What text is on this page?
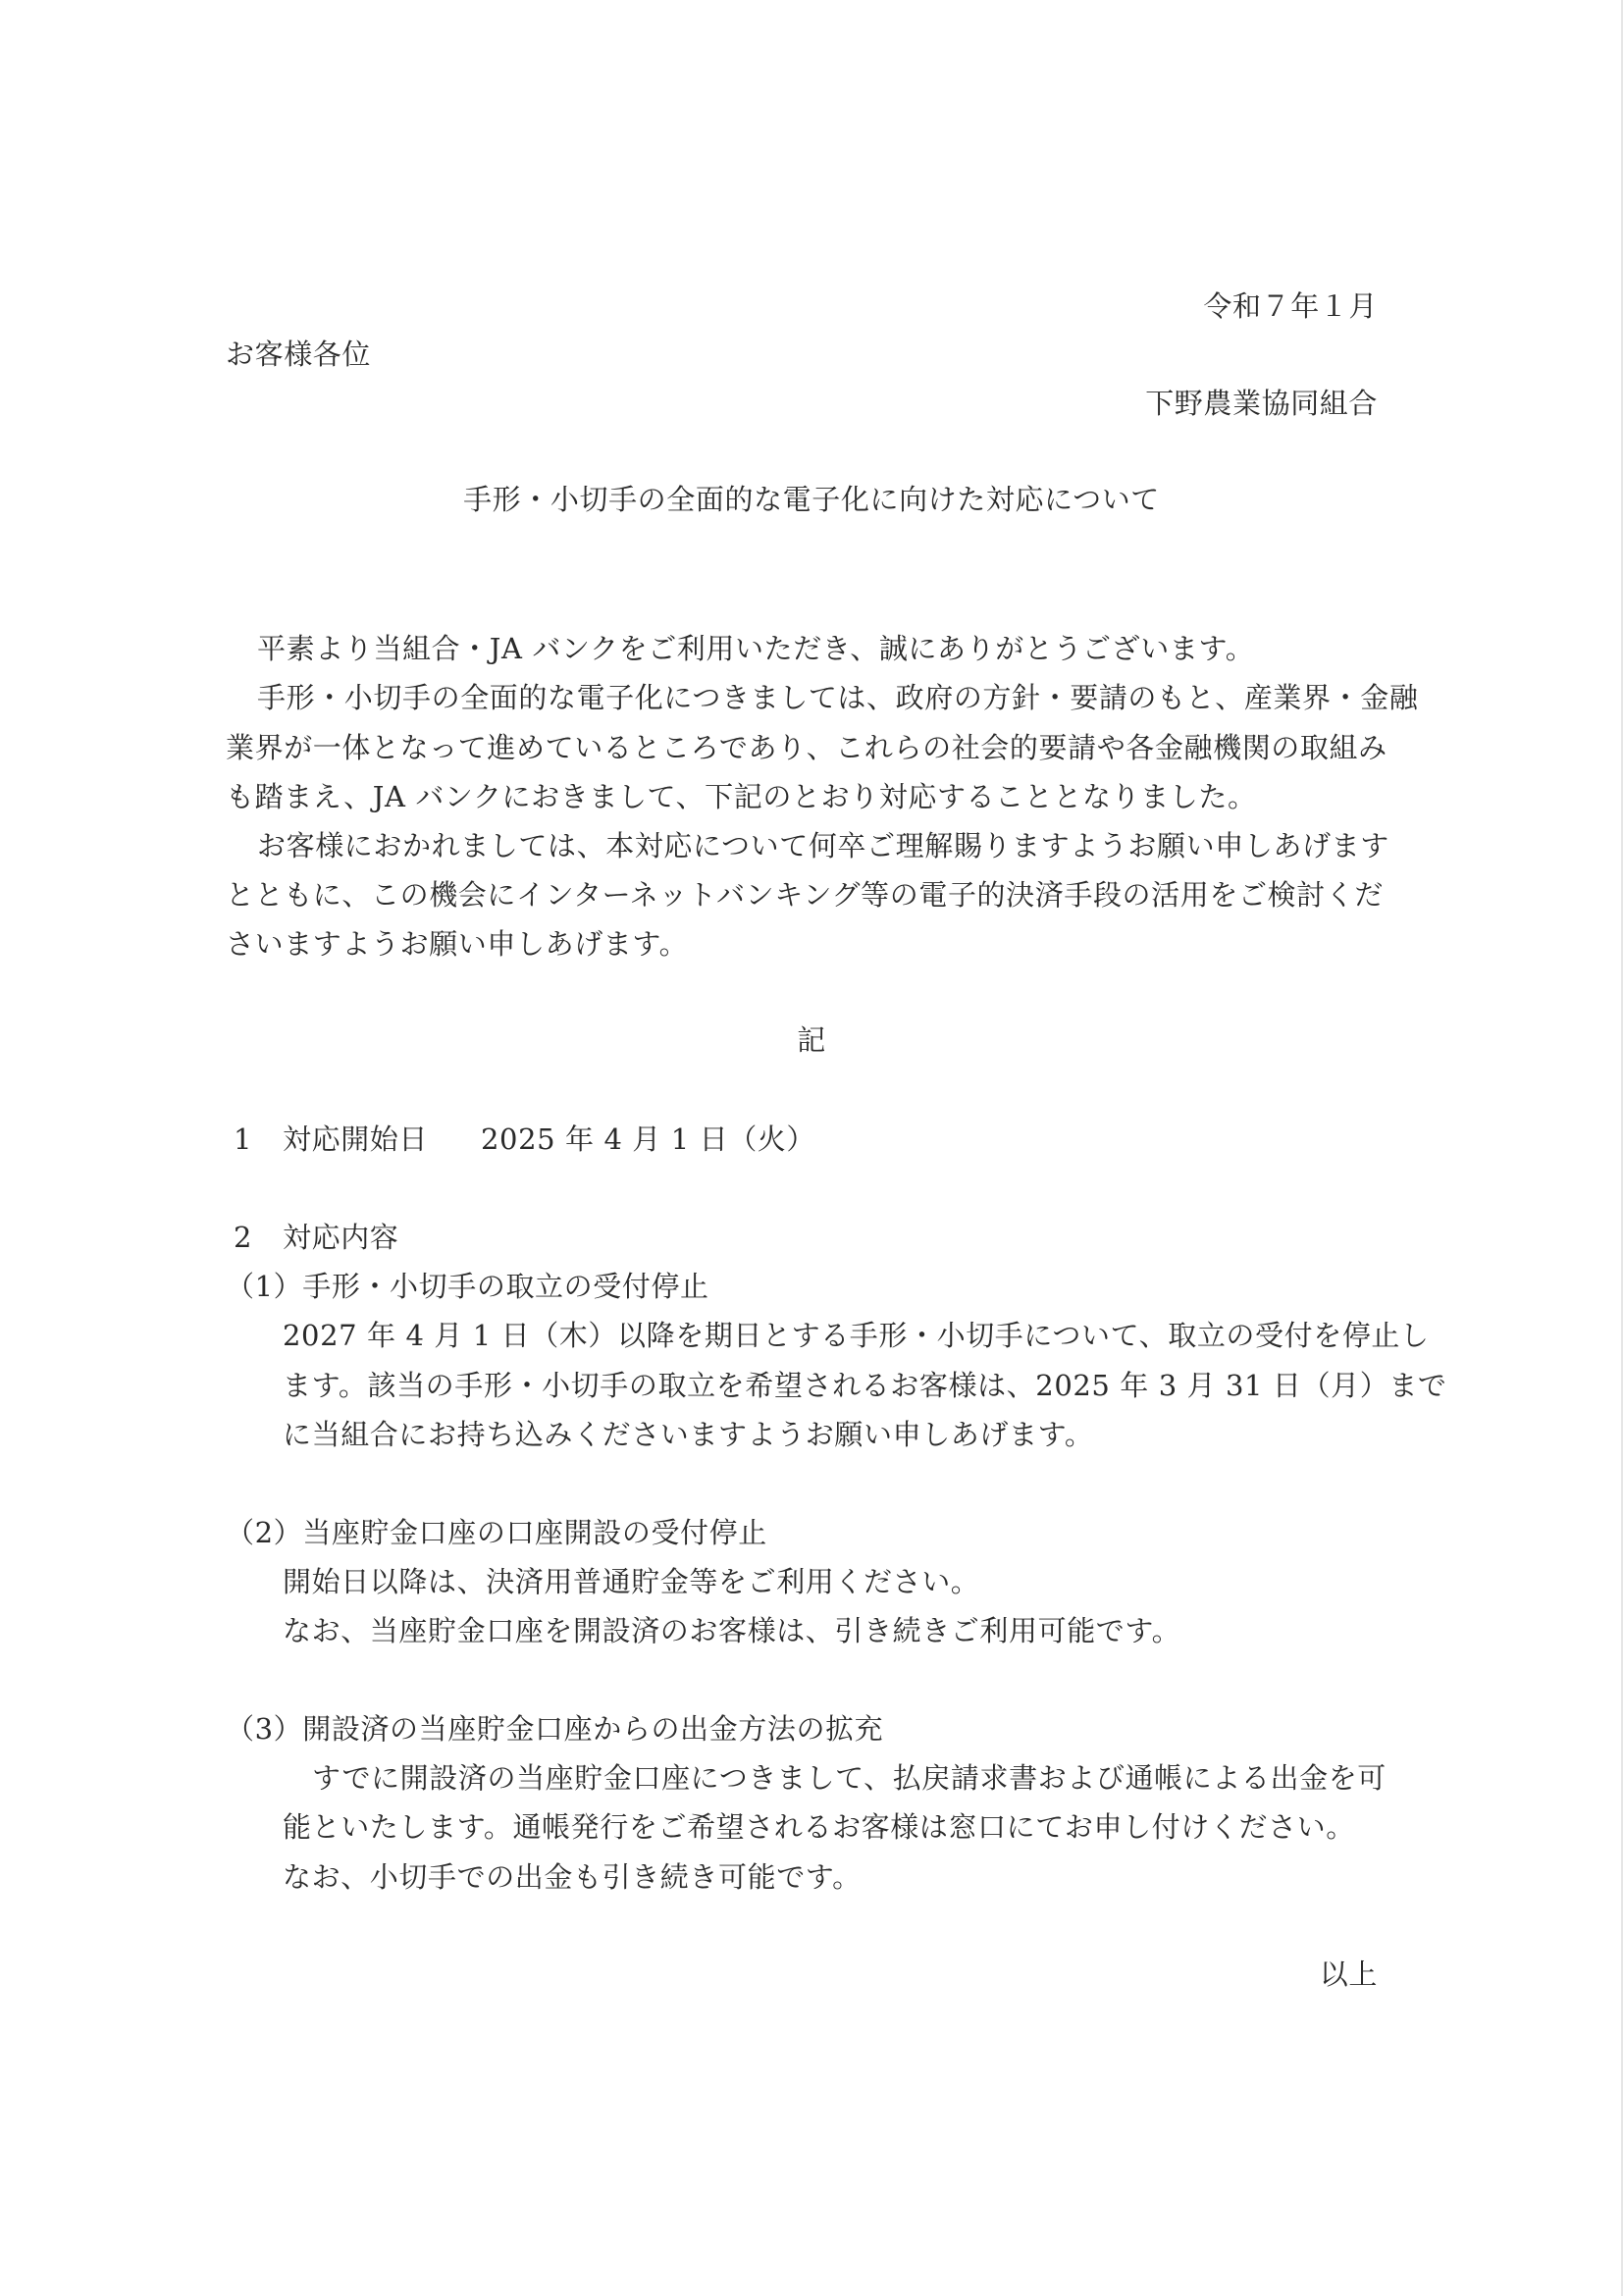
令和７年１月
お客様各位
下野農業協同組合
手形・小切手の全面的な電子化に向けた対応について
平素より当組合・JA バンクをご利用いただき、誠にありがとうございます。
手形・小切手の全面的な電子化につきましては、政府の方針・要請のもと、産業界・金融
業界が一体となって進めているところであり、これらの社会的要請や各金融機関の取組み
も踏まえ、JA バンクにおきまして、下記のとおり対応することとなりました。
お客様におかれましては、本対応について何卒ご理解賜りますようお願い申しあげます
とともに、この機会にインターネットバンキング等の電子的決済手段の活用をご検討くだ
さいますようお願い申しあげます。
記
1 対応開始日 2025 年 4 月 1 日（火）
2 対応内容
（1）手形・小切手の取立の受付停止
2027 年 4 月 1 日（木）以降を期日とする手形・小切手について、取立の受付を停止し
ます。該当の手形・小切手の取立を希望されるお客様は、2025 年 3 月 31 日（月）まで
に当組合にお持ち込みくださいますようお願い申しあげます。
（2）当座貯金口座の口座開設の受付停止
開始日以降は、決済用普通貯金等をご利用ください。
なお、当座貯金口座を開設済のお客様は、引き続きご利用可能です。
（3）開設済の当座貯金口座からの出金方法の拡充
すでに開設済の当座貯金口座につきまして、払戻請求書および通帳による出金を可
能といたします。通帳発行をご希望されるお客様は窓口にてお申し付けください。
なお、小切手での出金も引き続き可能です。
以上
